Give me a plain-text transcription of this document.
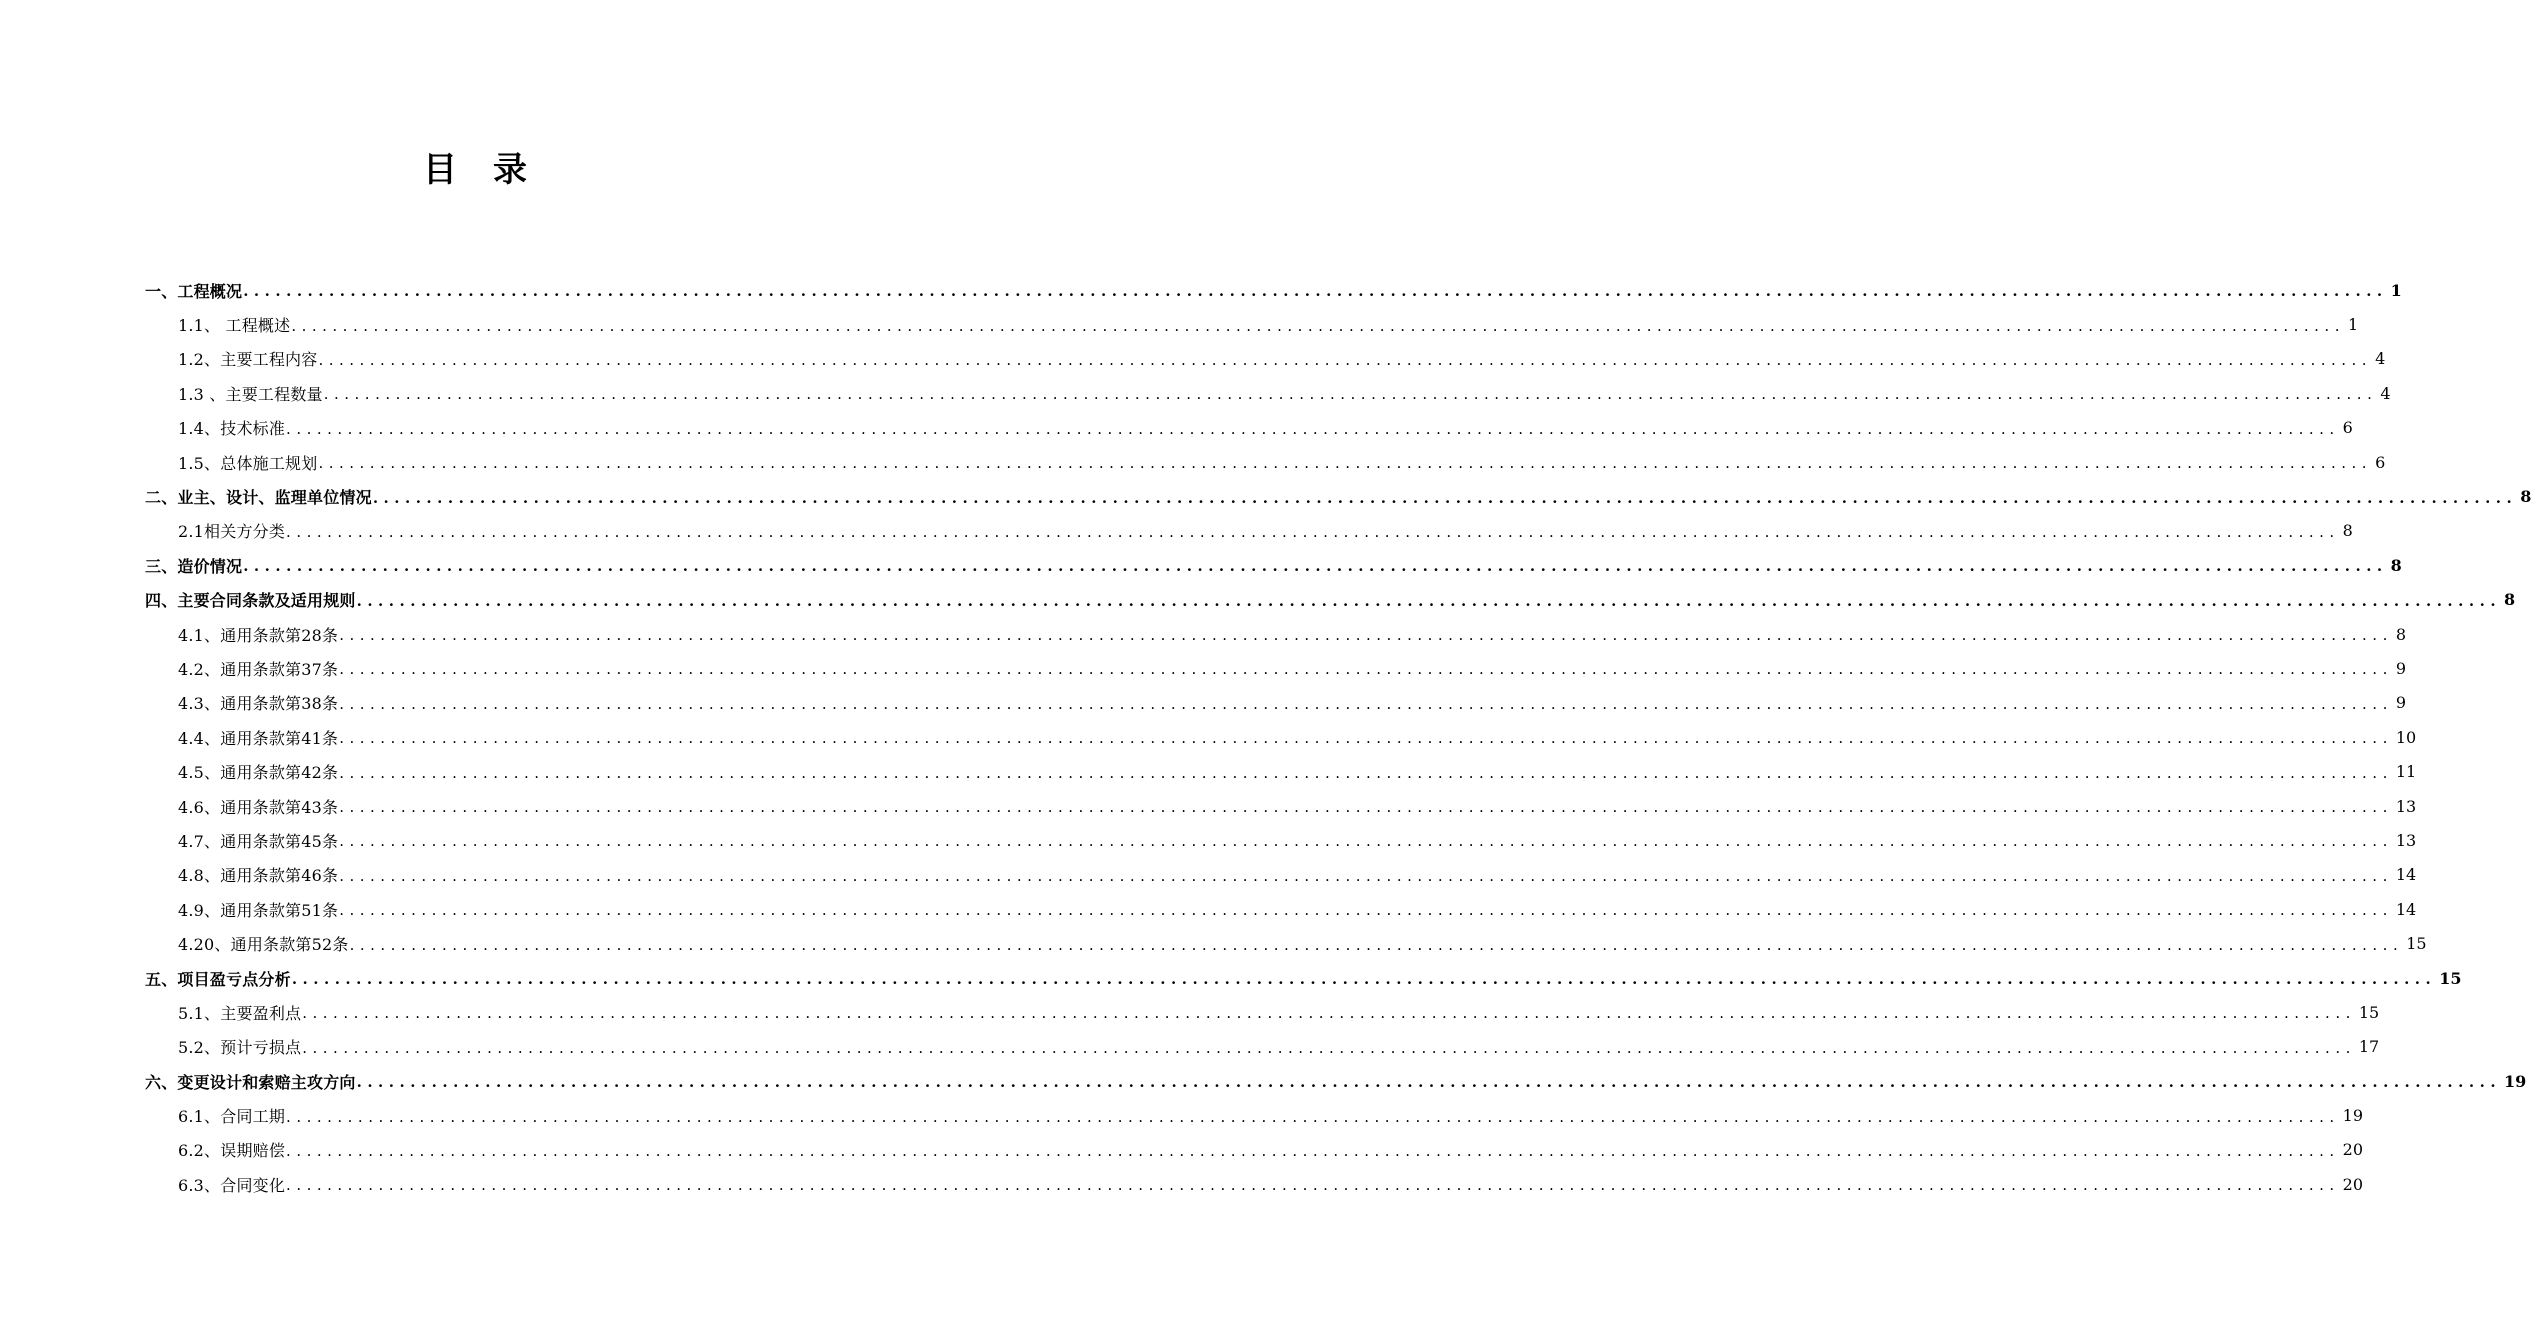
目录
一、工程概况 ........................................................................................................................................................................................................ 1
1.1、 工程概述 ........................................................................................................................................................................................................ 1
1.2、主要工程内容 ........................................................................................................................................................................................................ 4
1.3 、主要工程数量 ........................................................................................................................................................................................................ 4
1.4、技术标准 ........................................................................................................................................................................................................ 6
1.5、总体施工规划 ........................................................................................................................................................................................................ 6
二、业主、设计、监理单位情况 ........................................................................................................................................................................................................ 8
2.1相关方分类 ........................................................................................................................................................................................................ 8
三、造价情况 ........................................................................................................................................................................................................ 8
四、主要合同条款及适用规则 ........................................................................................................................................................................................................ 8
4.1、通用条款第28条 ........................................................................................................................................................................................................ 8
4.2、通用条款第37条 ........................................................................................................................................................................................................ 9
4.3、通用条款第38条 ........................................................................................................................................................................................................ 9
4.4、通用条款第41条 ........................................................................................................................................................................................................ 10
4.5、通用条款第42条 ........................................................................................................................................................................................................ 11
4.6、通用条款第43条 ........................................................................................................................................................................................................ 13
4.7、通用条款第45条 ........................................................................................................................................................................................................ 13
4.8、通用条款第46条 ........................................................................................................................................................................................................ 14
4.9、通用条款第51条 ........................................................................................................................................................................................................ 14
4.20、通用条款第52条 ........................................................................................................................................................................................................ 15
五、项目盈亏点分析 ........................................................................................................................................................................................................ 15
5.1、主要盈利点 ........................................................................................................................................................................................................ 15
5.2、预计亏损点 ........................................................................................................................................................................................................ 17
六、变更设计和索赔主攻方向 ........................................................................................................................................................................................................ 19
6.1、合同工期 ........................................................................................................................................................................................................ 19
6.2、误期赔偿 ........................................................................................................................................................................................................ 20
6.3、合同变化 ........................................................................................................................................................................................................ 20
